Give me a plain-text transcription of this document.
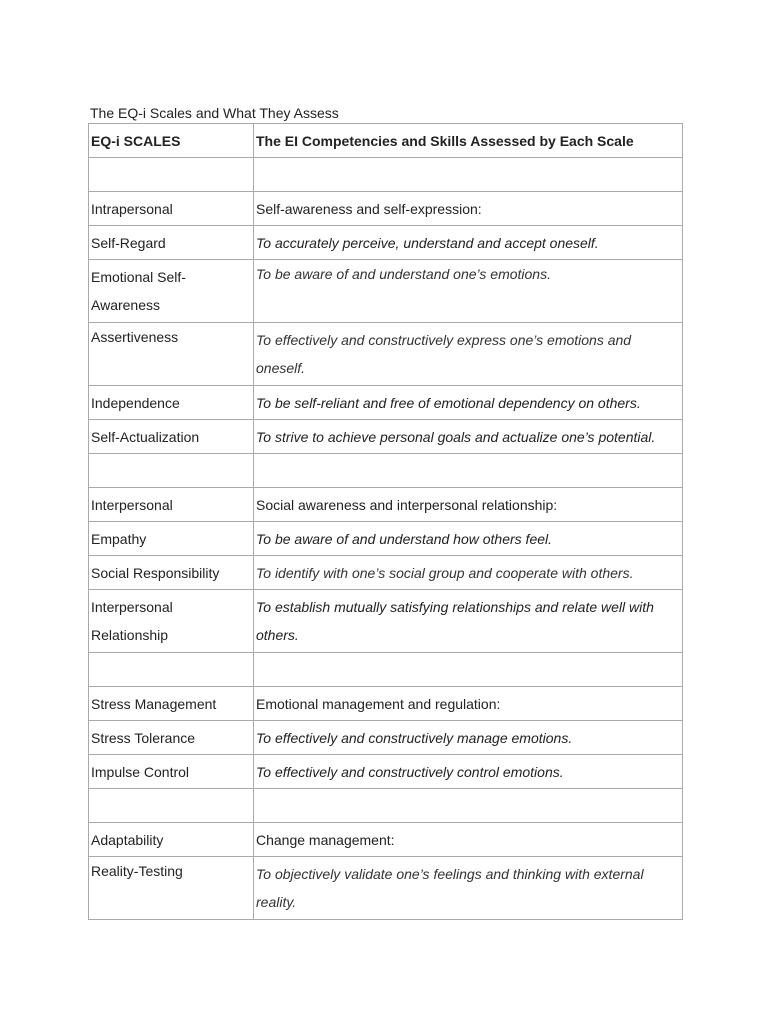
The EQ-i Scales and What They Assess
EQ-i SCALES	The EI Competencies and Skills Assessed by Each Scale

Intrapersonal	Self-awareness and self-expression:
Self-Regard	To accurately perceive, understand and accept oneself.
Emotional Self-Awareness	To be aware of and understand one’s emotions.
Assertiveness	To effectively and constructively express one’s emotions and oneself.
Independence	To be self-reliant and free of emotional dependency on others.
Self-Actualization	To strive to achieve personal goals and actualize one’s potential.

Interpersonal	Social awareness and interpersonal relationship:
Empathy	To be aware of and understand how others feel.
Social Responsibility	To identify with one’s social group and cooperate with others.
Interpersonal Relationship	To establish mutually satisfying relationships and relate well with others.

Stress Management	Emotional management and regulation:
Stress Tolerance	To effectively and constructively manage emotions.
Impulse Control	To effectively and constructively control emotions.

Adaptability	Change management:
Reality-Testing	To objectively validate one’s feelings and thinking with external reality.
